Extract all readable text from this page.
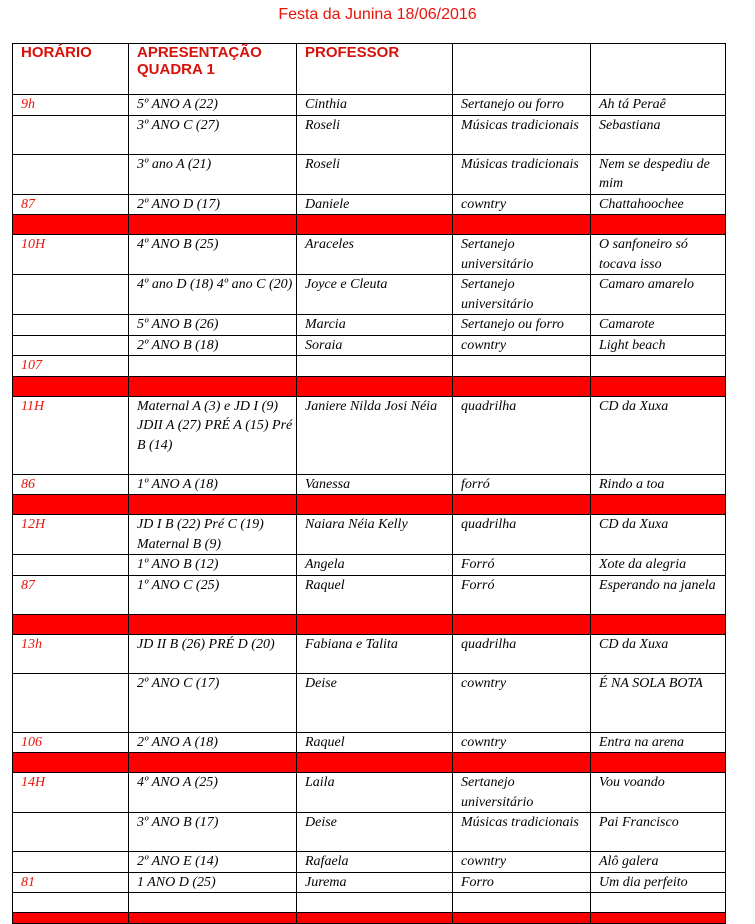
Festa da Junina 18/06/2016
HORÁRIO	APRESENTAÇÃO QUADRA 1	PROFESSOR		
9h	5º ANO A (22)	Cinthia	Sertanejo ou forro	Ah tá Peraê
	3º ANO C (27)	Roseli	Músicas tradicionais	Sebastiana
	3º ano A (21)	Roseli	Músicas tradicionais	Nem se despediu de mim
87	2º ANO D (17)	Daniele	cowntry	Chattahoochee

10H	4º ANO B (25)	Araceles	Sertanejo universitário	O sanfoneiro só tocava isso
	4º ano D (18) 4º ano C (20)	Joyce e Cleuta	Sertanejo universitário	Camaro amarelo
	5º ANO B (26)	Marcia	Sertanejo ou forro	Camarote
	2º ANO B (18)	Soraia	cowntry	Light beach
107				

11H	Maternal A (3) e JD I (9) JDII A (27) PRÉ A (15) Pré B (14)	Janiere Nilda Josi Néia	quadrilha	CD da Xuxa
86	1º ANO A (18)	Vanessa	forró	Rindo a toa

12H	JD I B (22) Pré C (19) Maternal B (9)	Naiara Néia Kelly	quadrilha	CD da Xuxa
	1º ANO B (12)	Angela	Forró	Xote da alegria
87	1º ANO C (25)	Raquel	Forró	Esperando na janela

13h	JD II B (26) PRÉ D (20)	Fabiana e Talita	quadrilha	CD da Xuxa
	2º ANO C (17)	Deise	cowntry	É NA SOLA BOTA
106	2º ANO A (18)	Raquel	cowntry	Entra na arena

14H	4º ANO A (25)	Laila	Sertanejo universitário	Vou voando
	3º ANO B (17)	Deise	Músicas tradicionais	Pai Francisco
	2º ANO E (14)	Rafaela	cowntry	Alô galera
81	1 ANO D (25)	Jurema	Forro	Um dia perfeito
